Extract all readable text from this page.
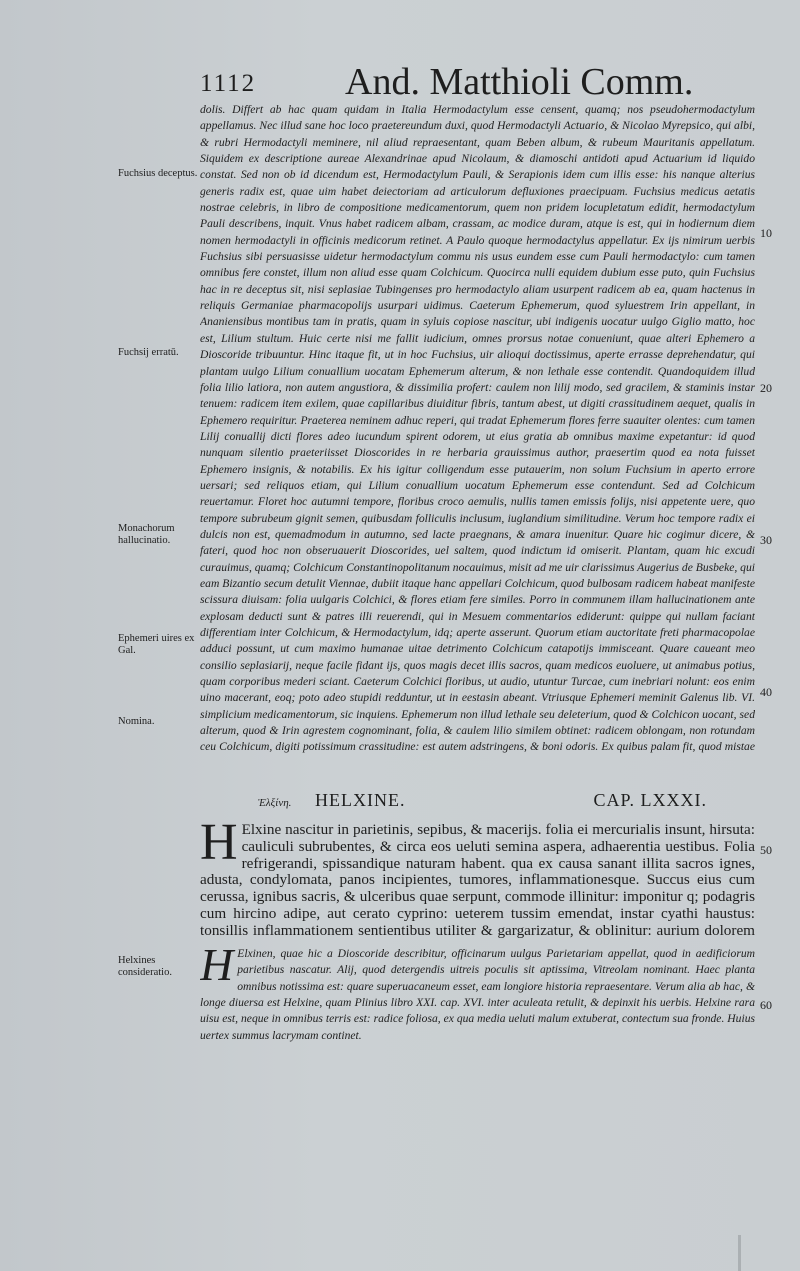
1112 And. Matthioli Comm.

dolis. Differt ab hac quam quidam in Italia Hermodactylum esse censent, quamq; nos pseudohermodactylum appellamus. Nec illud sane hoc loco praetereundum duxi, quod Hermodactyli Actuario, & Nicolao Myrepsico, qui albi, & rubri Hermodactyli meminere, nil aliud repraesentant, quam Beben album, & rubeum Mauritanis appellatum. Siquidem ex descriptione aureae Alexandrinae apud Nicolaum, & diamoschi antidoti apud Actuarium id liquido constat. Sed non ob id dicendum est, Hermodactylum Pauli, & Serapionis idem cum illis esse: his nanque alterius generis radix est, quae uim habet deiectoriam ad articulorum defluxiones praecipuam. Fuchsius medicus aetatis nostrae celebris, in libro de compositione medicamentorum, quem non pridem locupletatum edidit, hermodactylum Pauli describens, inquit. Vnus habet radicem albam, crassam, ac modice duram, atque is est, qui in hodiernum diem nomen hermodactyli in officinis medicorum retinet. A Paulo quoque hermodactylus appellatur. Ex ijs nimirum uerbis Fuchsius sibi persuasisse uidetur hermodactylum commu nis usus eundem esse cum Pauli hermodactylo: cum tamen omnibus fere constet, illum non aliud esse quam Colchicum. Quocirca nulli equidem dubium esse puto, quin Fuchsius hac in re deceptus sit, nisi seplasiae Tubingenses pro hermodactylo aliam usurpent radicem ab ea, quam hactenus in reliquis Germaniae pharmacopolijs usurpari uidimus. Caeterum Ephemerum, quod syluestrem Irin appellant, in Ananiensibus montibus tam in pratis, quam in syluis copiose nascitur, ubi indigenis uocatur uulgo Giglio matto, hoc est, Lilium stultum. Huic certe nisi me fallit iudicium, omnes prorsus notae conueniunt, quae alteri Ephemero a Dioscoride tribuuntur. Hinc itaque fit, ut in hoc Fuchsius, uir alioqui doctissimus, aperte errasse deprehendatur, qui plantam uulgo Lilium conuallium uocatam Ephemerum alterum, & non lethale esse contendit. Quandoquidem illud folia lilio latiora, non autem angustiora, & dissimilia profert: caulem non lilij modo, sed gracilem, & staminis instar tenuem: radicem item exilem, quae capillaribus diuiditur fibris, tantum abest, ut digiti crassitudinem aequet, qualis in Ephemero requiritur. Praeterea neminem adhuc reperi, qui tradat Ephemerum flores ferre suauiter olentes: cum tamen Lilij conuallij dicti flores adeo iucundum spirent odorem, ut eius gratia ab omnibus maxime expetantur: id quod nunquam silentio praeteriisset Dioscorides in re herbaria grauissimus author, praesertim quod ea nota fuisset Ephemero insignis, & notabilis. Ex his igitur colligendum esse putauerim, non solum Fuchsium in aperto errore uersari; sed reliquos etiam, qui Lilium conuallium uocatum Ephemerum esse contendunt. Sed ad Colchicum reuertamur. Floret hoc autumni tempore, floribus croco aemulis, nullis tamen emissis folijs, nisi appetente uere, quo tempore subrubeum gignit semen, quibusdam folliculis inclusum, iuglandium similitudine. Verum hoc tempore radix ei dulcis non est, quemadmodum in autumno, sed lacte praegnans, & amara inuenitur. Quare hic cogimur dicere, & fateri, quod hoc non obseruauerit Dioscorides, uel saltem, quod indictum id omiserit. Plantam, quam hic excudi curauimus, quamq; Colchicum Constantinopolitanum nocauimus, misit ad me uir clarissimus Augerius de Busbeke, qui eam Bizantio secum detulit Viennae, dubiit itaque hanc appellari Colchicum, quod bulbosam radicem habeat manifeste scissura diuisam: folia uulgaris Colchici, & flores etiam fere similes. Porro in communem illam hallucinationem ante explosam deducti sunt & patres illi reuerendi, qui in Mesuem commentarios ediderunt: quippe qui nullam faciant differentiam inter Colchicum, & Hermodactylum, idq; aperte asserunt. Quorum etiam auctoritate freti pharmacopolae adduci possunt, ut cum maximo humanae uitae detrimento Colchicum catapotijs immisceant. Quare caueant meo consilio seplasiarij, neque facile fidant ijs, quos magis decet illis sacros, quam medicos euoluere, ut animabus potius, quam corporibus mederi sciant. Caeterum Colchici floribus, ut audio, utuntur Turcae, cum inebriari nolunt: eos enim uino macerant, eoq; poto adeo stupidi redduntur, ut in eestasin abeant. Vtriusque Ephemeri meminit Galenus lib. VI. simplicium medicamentorum, sic inquiens. Ephemerum non illud lethale seu deleterium, quod & Colchicon uocant, sed alterum, quod & Irin agrestem cognominant, folia, & caulem lilio similem obtinet: radicem oblongam, non rotundam ceu Colchicum, digiti potissimum crassitudine: est autem adstringens, & boni odoris. Ex quibus palam fit, quod mistae

Ἑλξίνη. HELXINE.	CAP. LXXXI.
H Elxine nascitur in parietinis, sepibus, & macerijs. folia ei mercurialis insunt, hirsuta: cauliculi subrubentes, & circa eos ueluti semina aspera, adhaerentia uestibus. Folia refrigerandi, spissandique naturam habent. qua ex causa sanant illita sacros ignes, adusta, condylomata, panos incipientes, tumores, inflammationesque. Succus eius cum cerussa, ignibus sacris, & ulceribus quae serpunt, commode illinitur: imponitur q; podagris cum hircino adipe, aut cerato cyprino: ueterem tussim emendat, instar cyathi haustus: tonsillis inflammationem sentientibus utiliter & gargarizatur, & oblinitur: aurium dolorem

H Elxinen, quae hic a Dioscoride describitur, officinarum uulgus Parietariam appellat, quod in aedificiorum parietibus nascatur. Alij, quod detergendis uitreis poculis sit aptissima, Vitreolam nominant. Haec planta omnibus notissima est: quare superuacaneum esset, eam longiore historia repraesentare. Verum alia ab hac, & longe diuersa est Helxine, quam Plinius libro XXI. cap. XVI. inter aculeata retulit, & depinxit his uerbis. Helxine rara uisu est, neque in omnibus terris est: radice foliosa, ex qua media ueluti malum extuberat, contectum sua fronde. Huius uertex summus lacrymam continet.

Fuchsius deceptus.
Fuchsij erratū.
Monachorum hallucinatio.
Ephemeri uires ex Gal.
Nomina.
Helxines consideratio.
10
20
30
40
50
60
